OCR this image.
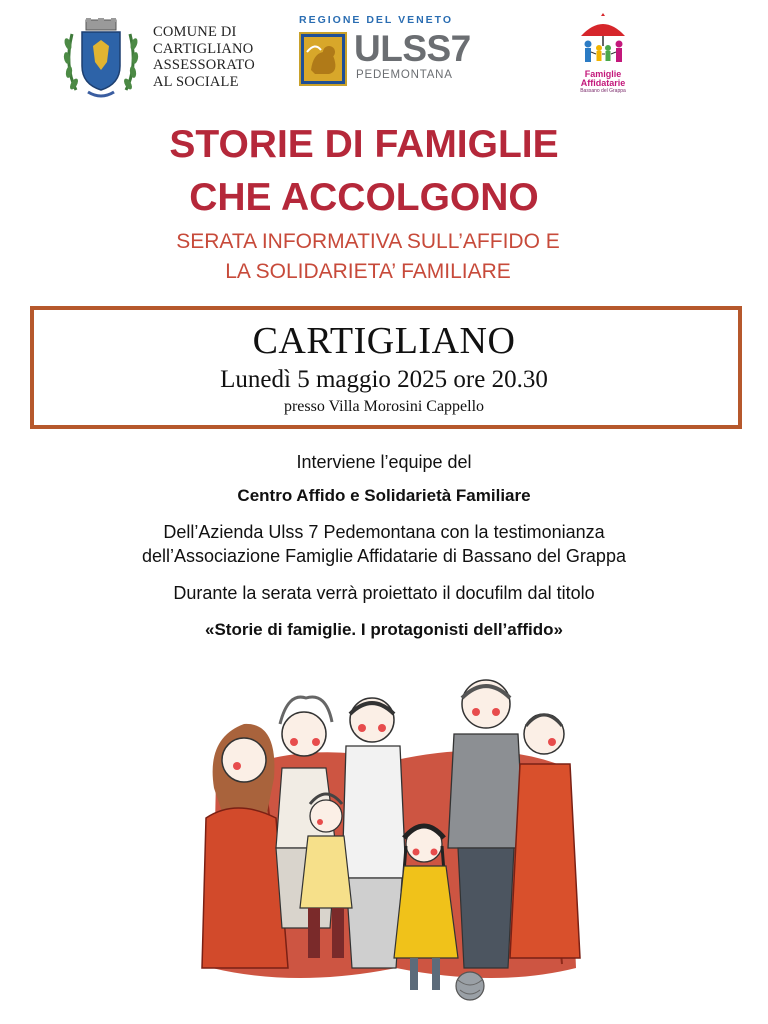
COMUNE DI
CARTIGLIANO
ASSESSORATO
AL SOCIALE
REGIONE DEL VENETO
ULSS7
PEDEMONTANA	Famiglie
Affidatarie
Bassano del Grappa
STORIE DI FAMIGLIE
CHE ACCOLGONO
SERATA INFORMATIVA SULL’AFFIDO E
LA SOLIDARIETA’ FAMILIARE
CARTIGLIANO
Lunedì 5 maggio 2025 ore 20.30
presso Villa Morosini Cappello
Interviene l’equipe del
Centro Affido e Solidarietà Familiare
Dell’Azienda Ulss 7 Pedemontana con la testimonianza
dell’Associazione Famiglie Affidatarie di Bassano del Grappa
Durante la serata verrà proiettato il docufilm dal titolo
«Storie di famiglie. I protagonisti dell’affido»
